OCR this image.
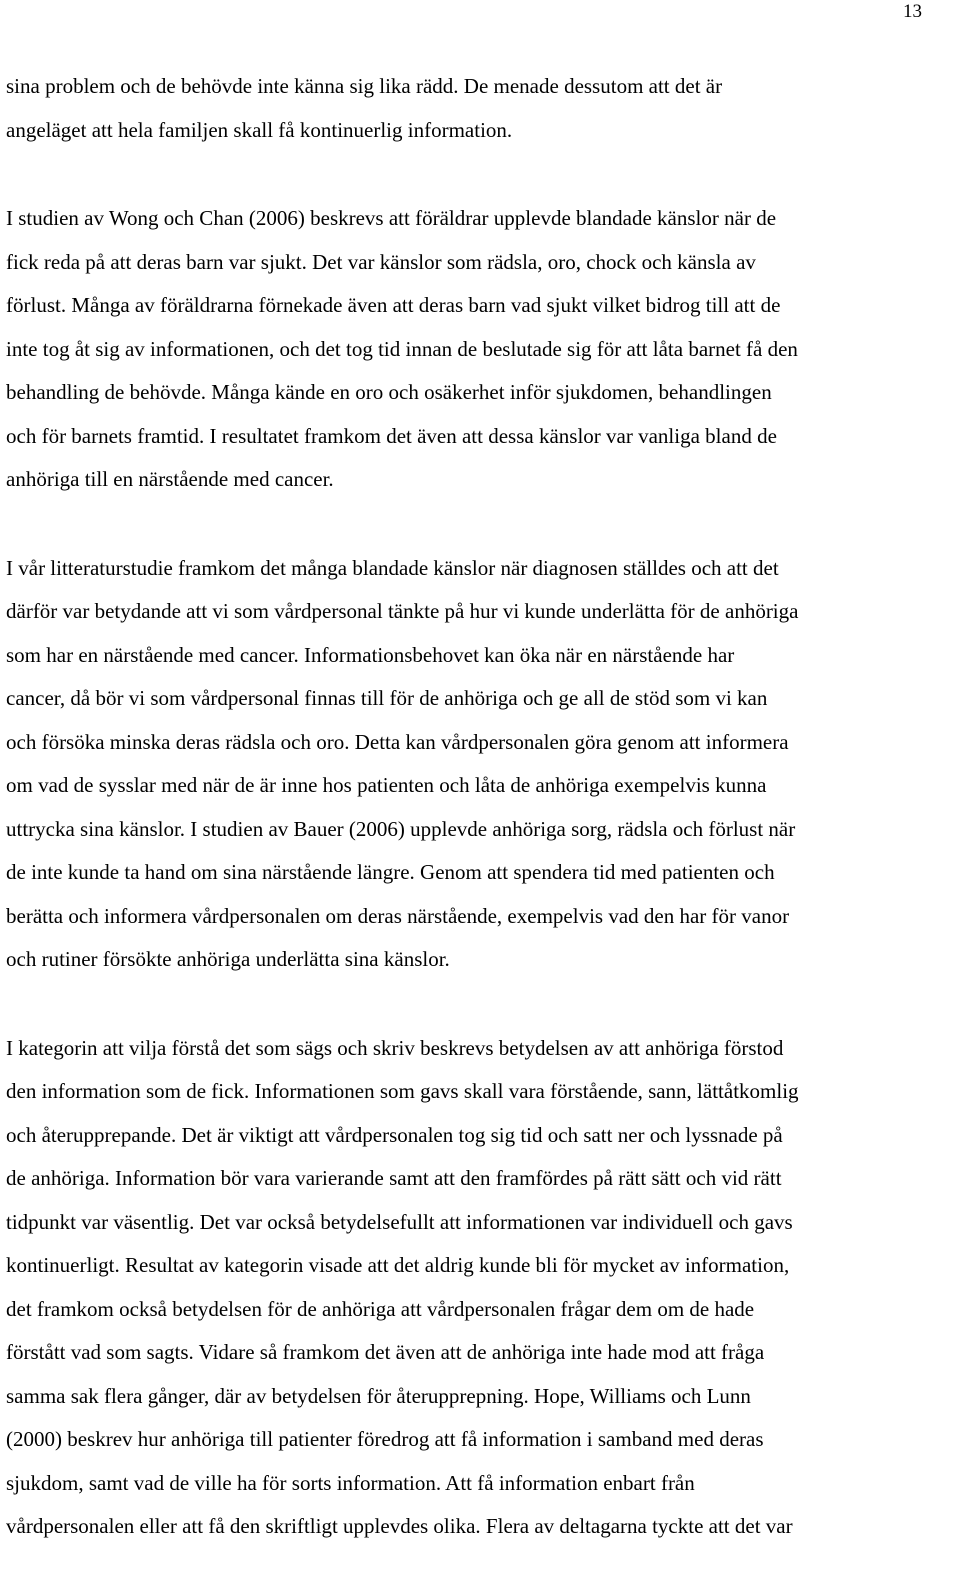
13

sina problem och de behövde inte känna sig lika rädd. De menade dessutom att det är
angeläget att hela familjen skall få kontinuerlig information.

I studien av Wong och Chan (2006) beskrevs att föräldrar upplevde blandade känslor när de
fick reda på att deras barn var sjukt. Det var känslor som rädsla, oro, chock och känsla av
förlust. Många av föräldrarna förnekade även att deras barn vad sjukt vilket bidrog till att de
inte tog åt sig av informationen, och det tog tid innan de beslutade sig för att låta barnet få den
behandling de behövde. Många kände en oro och osäkerhet inför sjukdomen, behandlingen
och för barnets framtid. I resultatet framkom det även att dessa känslor var vanliga bland de
anhöriga till en närstående med cancer.

I vår litteraturstudie framkom det många blandade känslor när diagnosen ställdes och att det
därför var betydande att vi som vårdpersonal tänkte på hur vi kunde underlätta för de anhöriga
som har en närstående med cancer. Informationsbehovet kan öka när en närstående har
cancer, då bör vi som vårdpersonal finnas till för de anhöriga och ge all de stöd som vi kan
och försöka minska deras rädsla och oro. Detta kan vårdpersonalen göra genom att informera
om vad de sysslar med när de är inne hos patienten och låta de anhöriga exempelvis kunna
uttrycka sina känslor. I studien av Bauer (2006) upplevde anhöriga sorg, rädsla och förlust när
de inte kunde ta hand om sina närstående längre. Genom att spendera tid med patienten och
berätta och informera vårdpersonalen om deras närstående, exempelvis vad den har för vanor
och rutiner försökte anhöriga underlätta sina känslor.

I kategorin att vilja förstå det som sägs och skriv beskrevs betydelsen av att anhöriga förstod
den information som de fick. Informationen som gavs skall vara förstående, sann, lättåtkomlig
och återupprepande. Det är viktigt att vårdpersonalen tog sig tid och satt ner och lyssnade på
de anhöriga. Information bör vara varierande samt att den framfördes på rätt sätt och vid rätt
tidpunkt var väsentlig. Det var också betydelsefullt att informationen var individuell och gavs
kontinuerligt. Resultat av kategorin visade att det aldrig kunde bli för mycket av information,
det framkom också betydelsen för de anhöriga att vårdpersonalen frågar dem om de hade
förstått vad som sagts. Vidare så framkom det även att de anhöriga inte hade mod att fråga
samma sak flera gånger, där av betydelsen för återupprepning. Hope, Williams och Lunn
(2000) beskrev hur anhöriga till patienter föredrog att få information i samband med deras
sjukdom, samt vad de ville ha för sorts information. Att få information enbart från
vårdpersonalen eller att få den skriftligt upplevdes olika. Flera av deltagarna tyckte att det var
